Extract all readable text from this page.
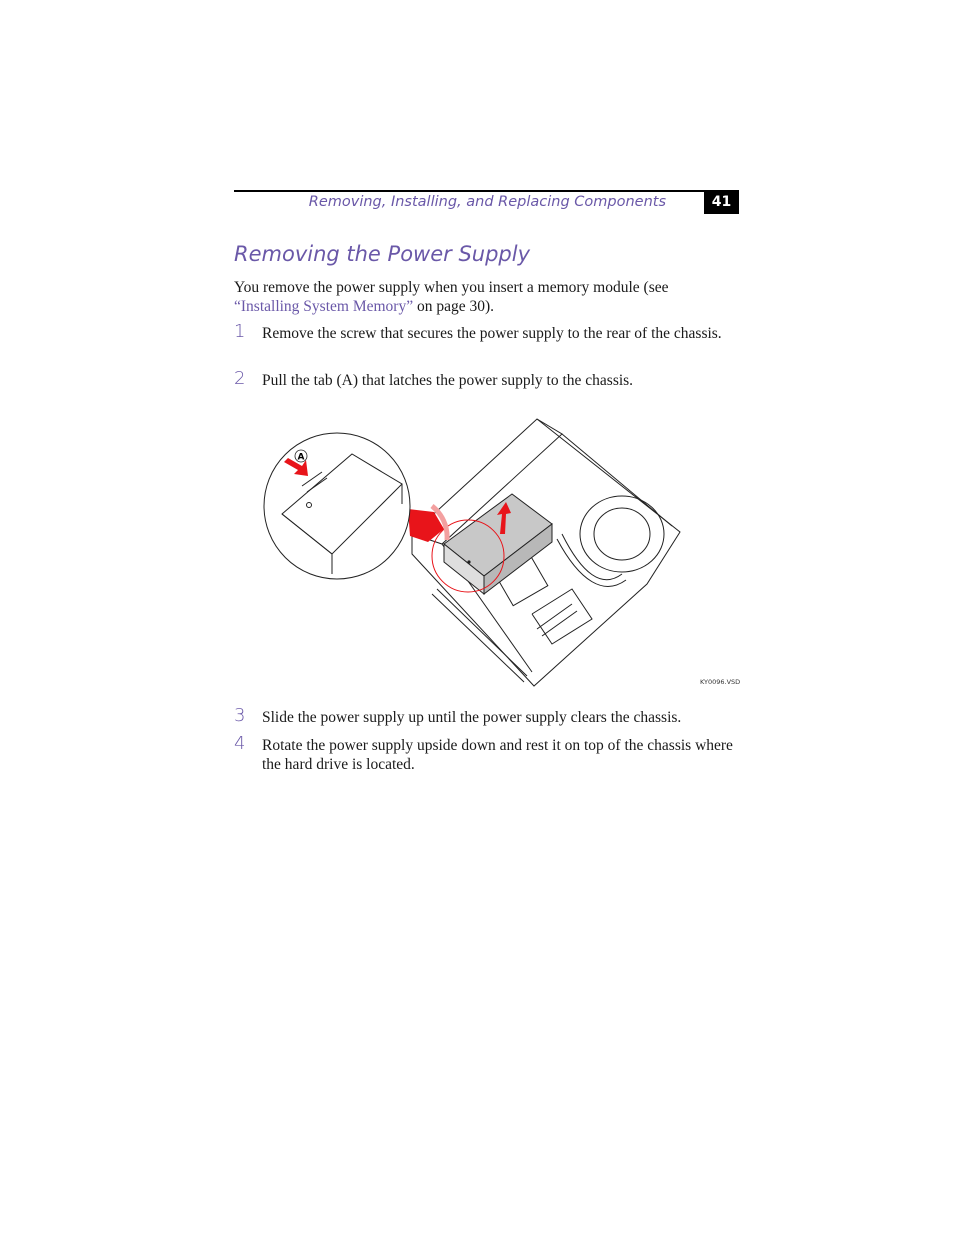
Removing, Installing, and Replacing Components	41
Removing the Power Supply
You remove the power supply when you insert a memory module (see “Installing System Memory” on page 30).
1 Remove the screw that secures the power supply to the rear of the chassis.
2 Pull the tab (A) that latches the power supply to the chassis.
A
KY0096.VSD
3 Slide the power supply up until the power supply clears the chassis.
4 Rotate the power supply upside down and rest it on top of the chassis where the hard drive is located.
